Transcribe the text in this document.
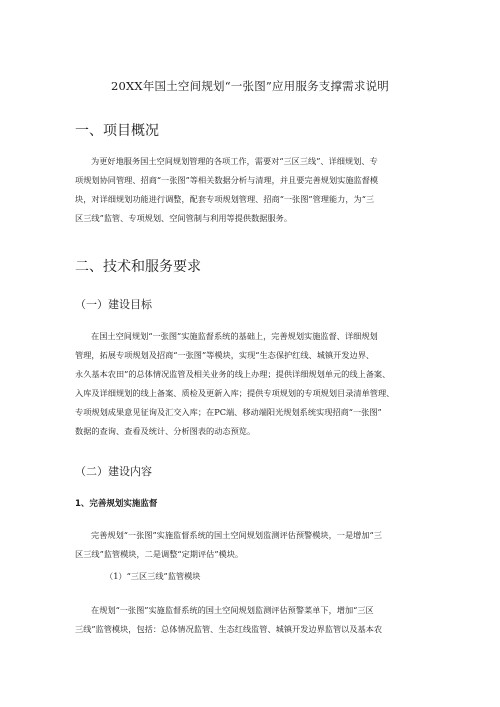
20XX年国土空间规划“一张图”应用服务支撑需求说明
一、项目概况

为更好地服务国土空间规划管理的各项工作，需要对“三区三线”、详细规划、专
项规划协同管理、招商“一张图”等相关数据分析与清理，并且要完善规划实施监督模
块，对详细规划功能进行调整，配套专项规划管理、招商“一张图”管理能力，为“三
区三线”监管、专项规划、空间管制与利用等提供数据服务。

二、技术和服务要求
（一）建设目标

在国土空间规划“一张图”实施监督系统的基础上，完善规划实施监督、详细规划
管理，拓展专项规划及招商“一张图”等模块，实现“生态保护红线、城镇开发边界、
永久基本农田”的总体情况监管及相关业务的线上办理；提供详细规划单元的线上备案、
入库及详细规划的线上备案、质检及更新入库；提供专项规划的专项规划目录清单管理、
专项规划成果意见征询及汇交入库；在PC端、移动端阳光规划系统实现招商“一张图”
数据的查询、查看及统计、分析图表的动态预览。

（二）建设内容
1、完善规划实施监督

完善规划“一张图”实施监督系统的国土空间规划监测评估预警模块，一是增加“三
区三线”监管模块，二是调整“定期评估”模块。

（1）“三区三线”监管模块

在规划“一张图”实施监督系统的国土空间规划监测评估预警菜单下，增加“三区
三线”监管模块，包括：总体情况监管、生态红线监管、城镇开发边界监管以及基本农
